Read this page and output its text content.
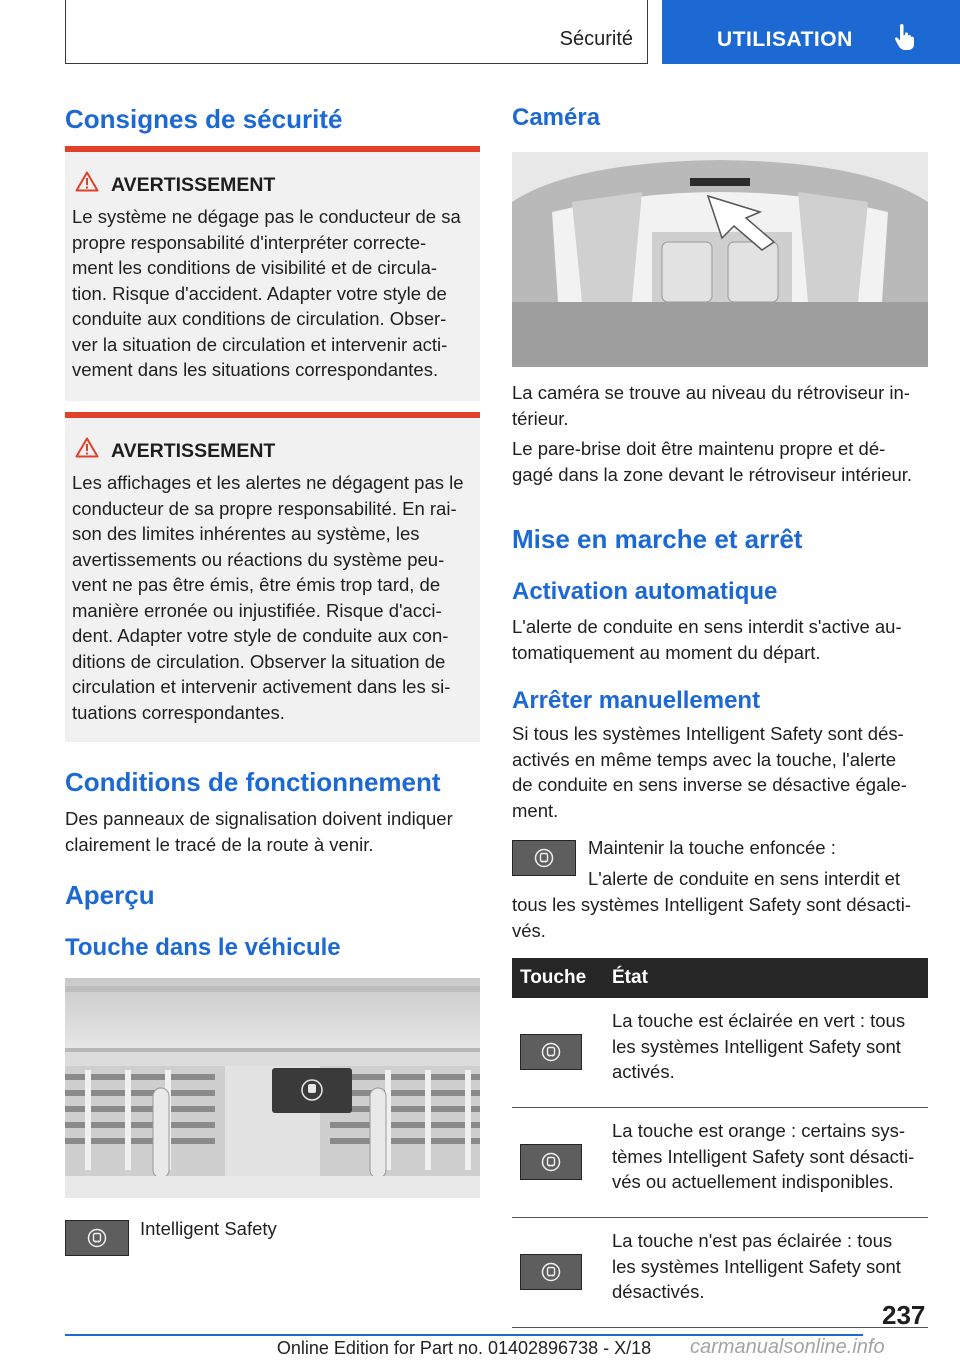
Sécurité	UTILISATION
Consignes de sécurité
AVERTISSEMENT

Le système ne dégage pas le conducteur de sa
propre responsabilité d'interpréter correcte-
ment les conditions de visibilité et de circula-
tion. Risque d'accident. Adapter votre style de
conduite aux conditions de circulation. Obser-
ver la situation de circulation et intervenir acti-
vement dans les situations correspondantes.

AVERTISSEMENT

Les affichages et les alertes ne dégagent pas le
conducteur de sa propre responsabilité. En rai-
son des limites inhérentes au système, les
avertissements ou réactions du système peu-
vent ne pas être émis, être émis trop tard, de
manière erronée ou injustifiée. Risque d'acci-
dent. Adapter votre style de conduite aux con-
ditions de circulation. Observer la situation de
circulation et intervenir activement dans les si-
tuations correspondantes.

Conditions de fonctionnement

Des panneaux de signalisation doivent indiquer
clairement le tracé de la route à venir.

Aperçu
Touche dans le véhicule
Intelligent Safety
Caméra

La caméra se trouve au niveau du rétroviseur in-
térieur.

Le pare-brise doit être maintenu propre et dé-
gagé dans la zone devant le rétroviseur intérieur.

Mise en marche et arrêt
Activation automatique

L'alerte de conduite en sens interdit s'active au-
tomatiquement au moment du départ.

Arrêter manuellement

Si tous les systèmes Intelligent Safety sont dés-
activés en même temps avec la touche, l'alerte
de conduite en sens inverse se désactive égale-
ment.

Maintenir la touche enfoncée :

L'alerte de conduite en sens interdit et

tous les systèmes Intelligent Safety sont désacti-
vés.

Touche	État

	La touche est éclairée en vert : tous
les systèmes Intelligent Safety sont
activés.

	La touche est orange : certains sys-
tèmes Intelligent Safety sont désacti-
vés ou actuellement indisponibles.

	La touche n'est pas éclairée : tous
les systèmes Intelligent Safety sont
désactivés.
237
Online Edition for Part no. 01402896738 - X/18	carmanualsonline.info
